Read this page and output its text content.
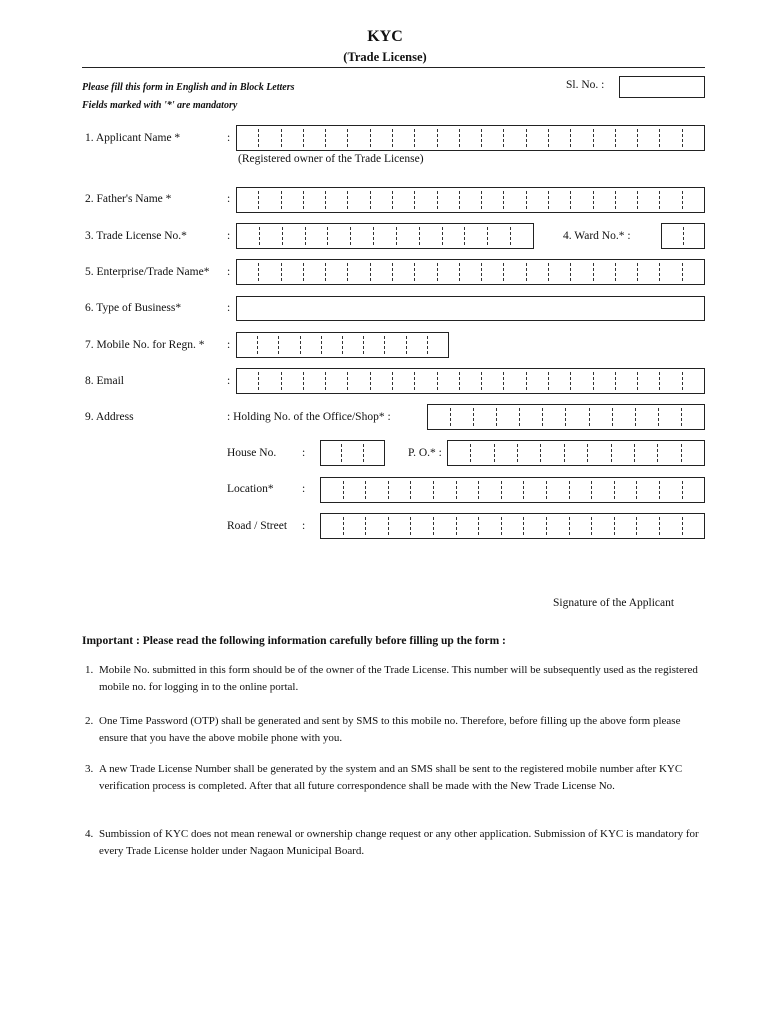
KYC
(Trade License)
Please fill this form in English and in Block Letters
Fields marked with '*' are mandatory
Sl. No. :
1. Applicant Name *	:
(Registered owner of the Trade License)
2. Father's Name *	:
3. Trade License No.*	:	4. Ward No.* :
5. Enterprise/Trade Name* :
6. Type of Business*	:
7. Mobile No. for Regn. * :
8. Email	:
9. Address	: Holding No. of the Office/Shop* :
House No. :	P. O.* :
Location* :
Road / Street :
Signature of the Applicant
Important : Please read the following information carefully before filling up the form :
1. Mobile No. submitted in this form should be of the owner of the Trade License. This number will be subsequently used as the registered mobile no. for logging in to the online portal.
2. One Time Password (OTP) shall be generated and sent by SMS to this mobile no. Therefore, before filling up the above form please ensure that you have the above mobile phone with you.
3. A new Trade License Number shall be generated by the system and an SMS shall be sent to the registered mobile number after KYC verification process is completed. After that all future correspondence shall be made with the New Trade License No.
4. Sumbission of KYC does not mean renewal or ownership change request or any other application. Submission of KYC is mandatory for every Trade License holder under Nagaon Municipal Board.
